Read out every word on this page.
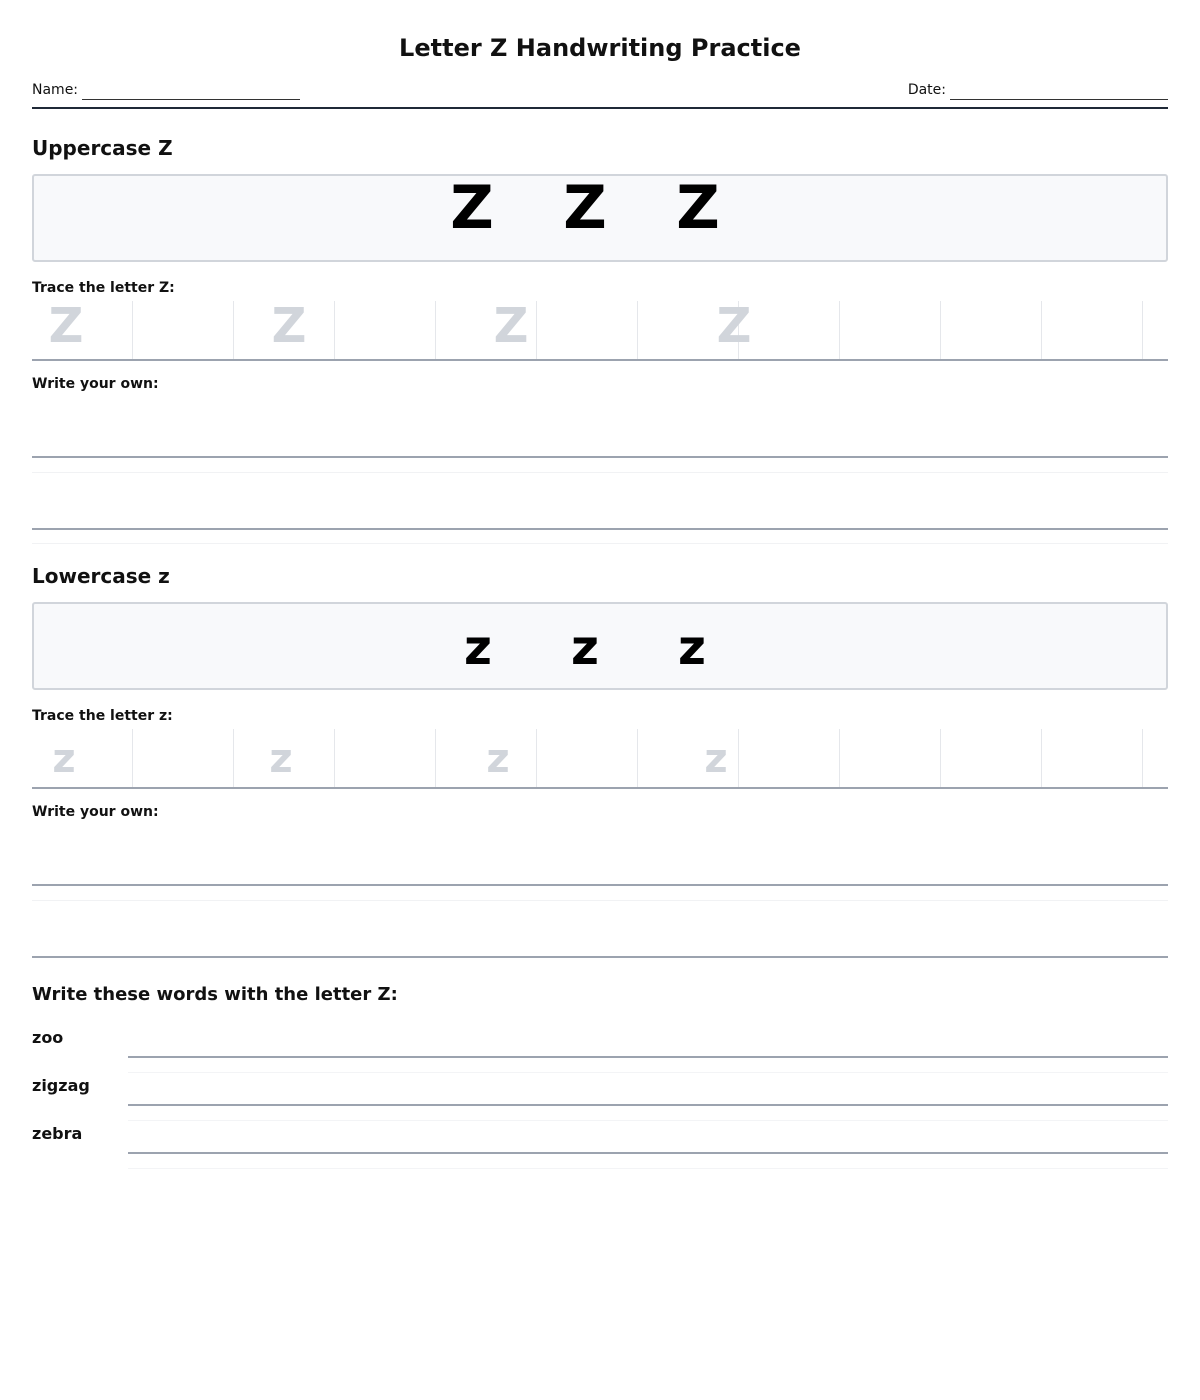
Letter Z Handwriting Practice
Name:	Date:
Uppercase Z
Z Z Z
Trace the letter Z:
Z	Z	Z	Z
Write your own:
Lowercase z
z z z
Trace the letter z:
z	z	z	z
Write your own:
Write these words with the letter Z:
zoo
zigzag
zebra
